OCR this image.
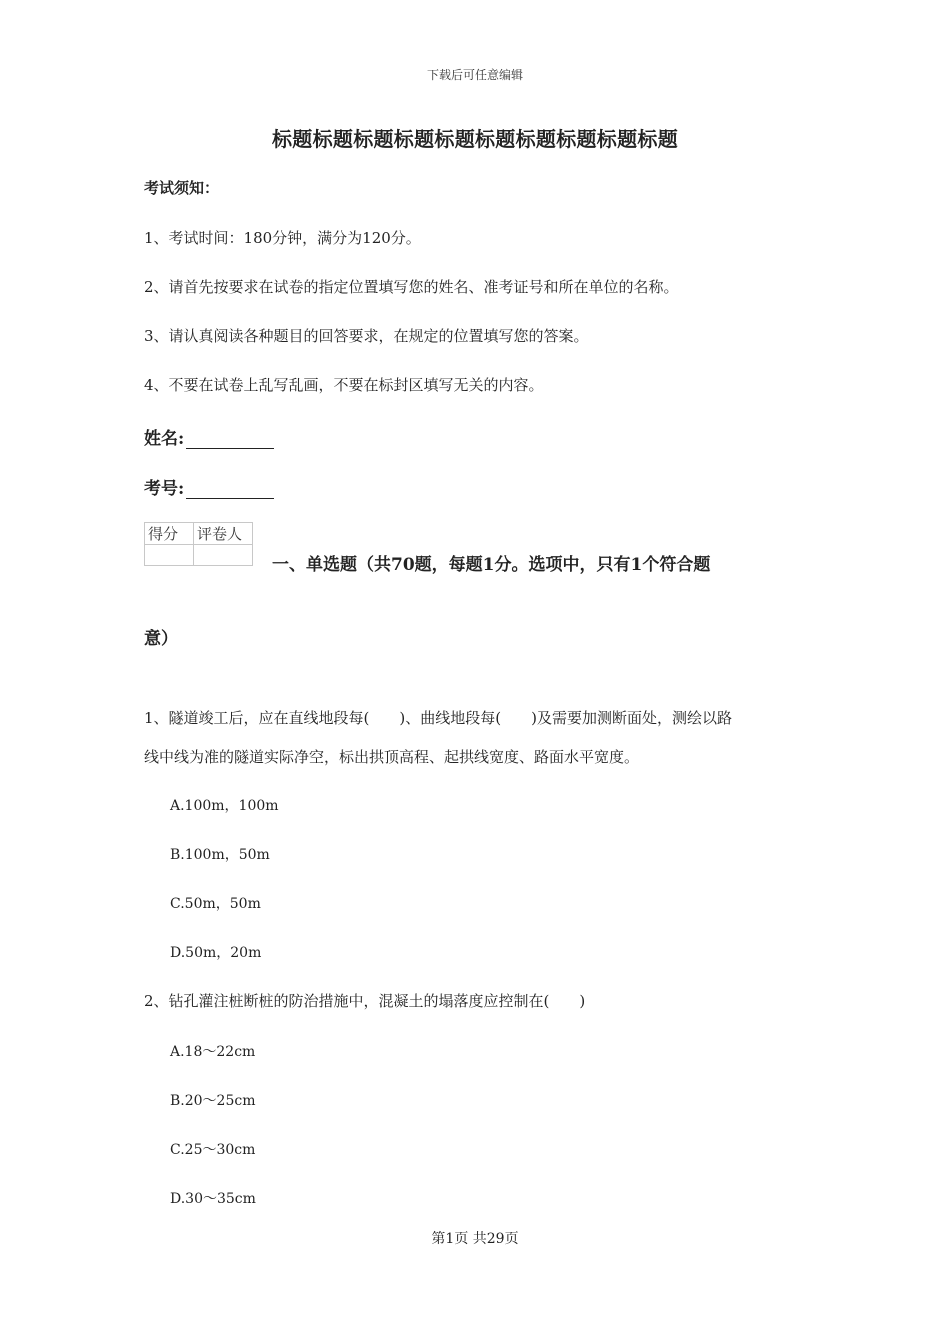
下载后可任意编辑
标题标题标题标题标题标题标题标题标题标题
考试须知：
1、考试时间：180分钟，满分为120分。
2、请首先按要求在试卷的指定位置填写您的姓名、准考证号和所在单位的名称。
3、请认真阅读各种题目的回答要求，在规定的位置填写您的答案。
4、不要在试卷上乱写乱画，不要在标封区填写无关的内容。
姓名:
考号:
得分	评卷人

一、单选题（共70题，每题1分。选项中，只有1个符合题
意）
1、隧道竣工后，应在直线地段每(　　)、曲线地段每(　　)及需要加测断面处，测绘以路
线中线为准的隧道实际净空，标出拱顶高程、起拱线宽度、路面水平宽度。
A.100m，100m
B.100m，50m
C.50m，50m
D.50m，20m
2、钻孔灌注桩断桩的防治措施中，混凝土的塌落度应控制在(　　)
A.18～22cm
B.20～25cm
C.25～30cm
D.30～35cm
第1页 共29页
